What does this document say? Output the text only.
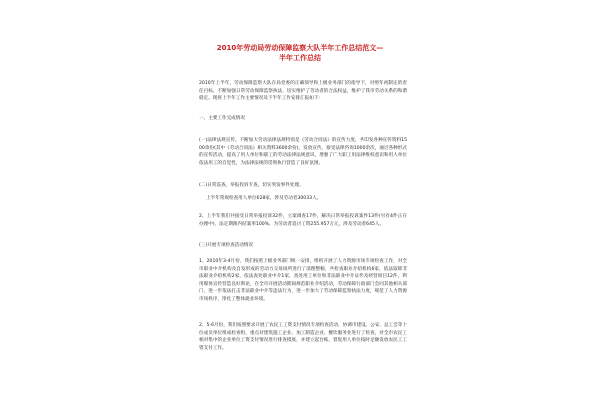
2010年劳动局劳动保障监察大队半年工作总结范文—
半年工作总结

2010年上半年，劳动保障监察大队在局党委的正确领导和上级业务部门的指导下，对照年初制定的责任目标，不断加强日常劳动保障监察执法，切实维护了劳动者的合法权益，维护了我市劳动关系的和谐稳定。现将上半年工作主要情况及下半年工作安排汇报如下：

一、主要工作完成情况

(一)法律法规宣传。不断加大劳动法律法规特别是《劳动合同法》的宣传力度，共印发各种宣传资料1500余份(其中《劳动合同法》相关资料3600余份)，发放宣传，接受法律咨询1000余次，通过各种形式的宣传活动，提高了用人单位和职工的劳动法律法规意识，增强了广大职工用法律维权意识和用人单位依法用工的自觉性，为法律法规的贯彻执行营造了良好氛围。

(二)日常巡查、举报投诉专查，切实突发事件处理。

上半年常规检查用人单位628家，涉及劳动者30033人。

2、上半年我们共接受日常举报投诉32件，立案调查17件，解决日常举报投诉案件13件(另有4件正在办理中)，法定期限内结案率100%，为劳动者追讨工资255.957万元，涉及劳动者645人。

(三)开展专项检查活动情况

1、2010年3-4月份，我们按照上级业务部门统一安排，组织开展了人力资源市场专项检查工作，对全市职业中介机构及自发形成的劳动力交易场所进行了清理整顿，共检查职业介绍机构6家，依法取缔非法职业介绍机构2家，依法查处职业中介1家，查处用工单位和非法职业中介证件及经营项目12件，利用媒体宣传营造良好舆论，在全市开展活动期间规范职业介绍活动，劳动保障行政部门会同其他相关部门，进一步依法打击非法职业中介等违法行为，进一步加大了劳动保障监察执法力度，规范了人力资源市场秩序，净化了整体就业环境。

2、5-6月份，我们按照要求开展了农民工工资支付情况专项检查活动，协调市建设、公安、总工会等十位成员单位组成检查组，重点对建筑施工企业、加工制造企业、餐饮服务业进行了检查，对全市农民工相对集中的企业单位工资支付情况进行排查摸底，并建立起台账，督促用人单位按时足额发放农民工工资支付工作。
